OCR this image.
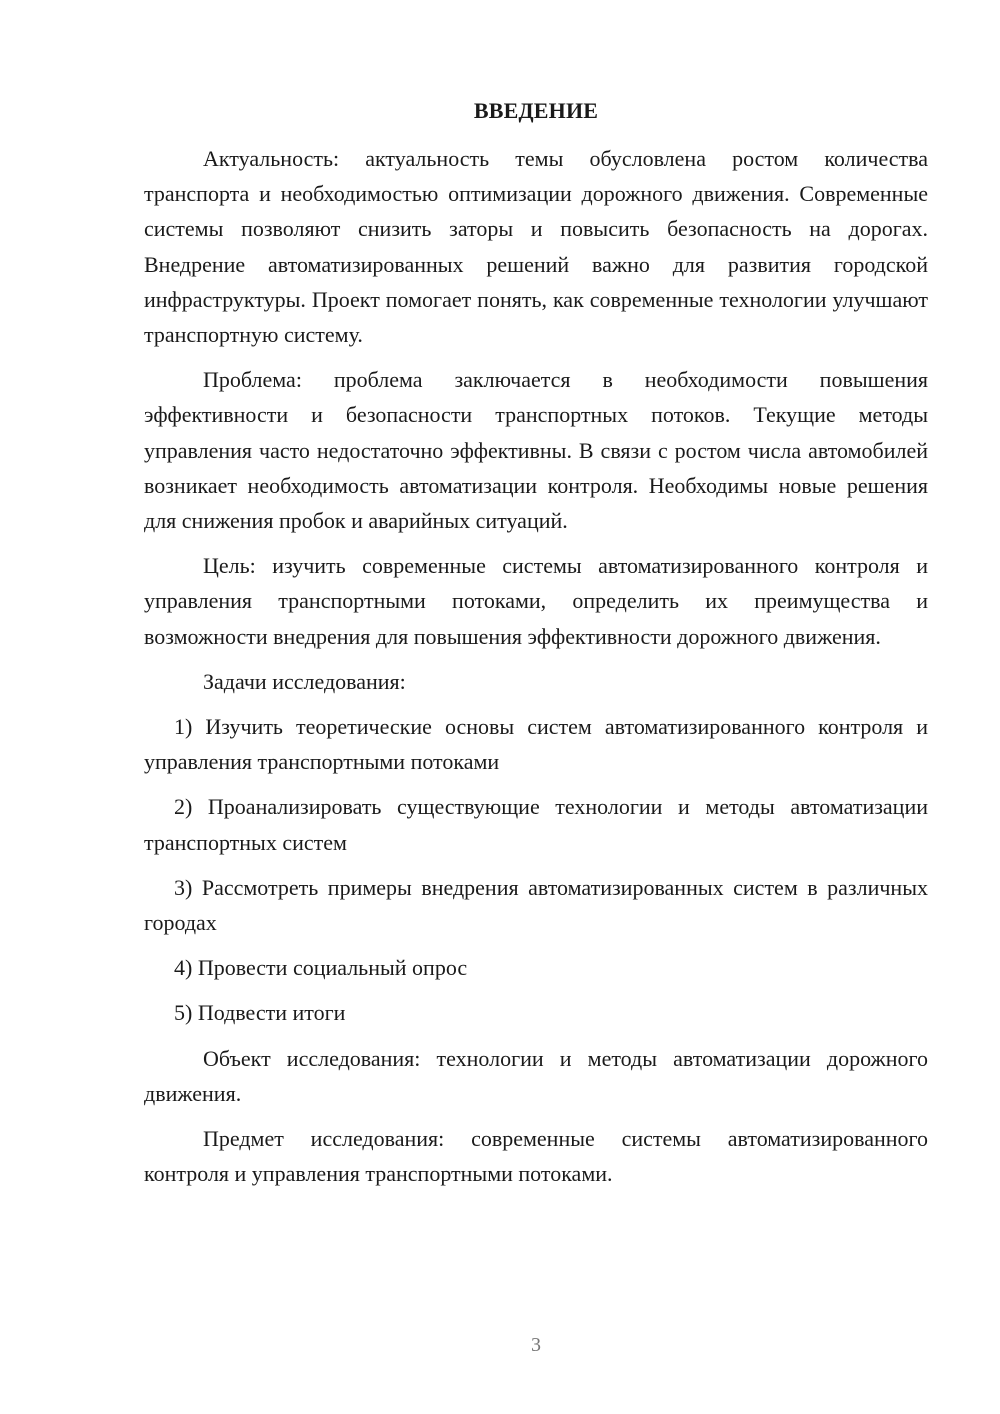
ВВЕДЕНИЕ

Актуальность: актуальность темы обусловлена ростом количества транспорта и необходимостью оптимизации дорожного движения. Современные системы позволяют снизить заторы и повысить безопасность на дорогах. Внедрение автоматизированных решений важно для развития городской инфраструктуры. Проект помогает понять, как современные технологии улучшают транспортную систему.

Проблема: проблема заключается в необходимости повышения эффективности и безопасности транспортных потоков. Текущие методы управления часто недостаточно эффективны. В связи с ростом числа автомобилей возникает необходимость автоматизации контроля. Необходимы новые решения для снижения пробок и аварийных ситуаций.

Цель: изучить современные системы автоматизированного контроля и управления транспортными потоками, определить их преимущества и возможности внедрения для повышения эффективности дорожного движения.

Задачи исследования:

1) Изучить теоретические основы систем автоматизированного контроля и управления транспортными потоками

2) Проанализировать существующие технологии и методы автоматизации транспортных систем

3) Рассмотреть примеры внедрения автоматизированных систем в различных городах

4) Провести социальный опрос

5) Подвести итоги

Объект исследования: технологии и методы автоматизации дорожного движения.

Предмет исследования: современные системы автоматизированного контроля и управления транспортными потоками.

3
